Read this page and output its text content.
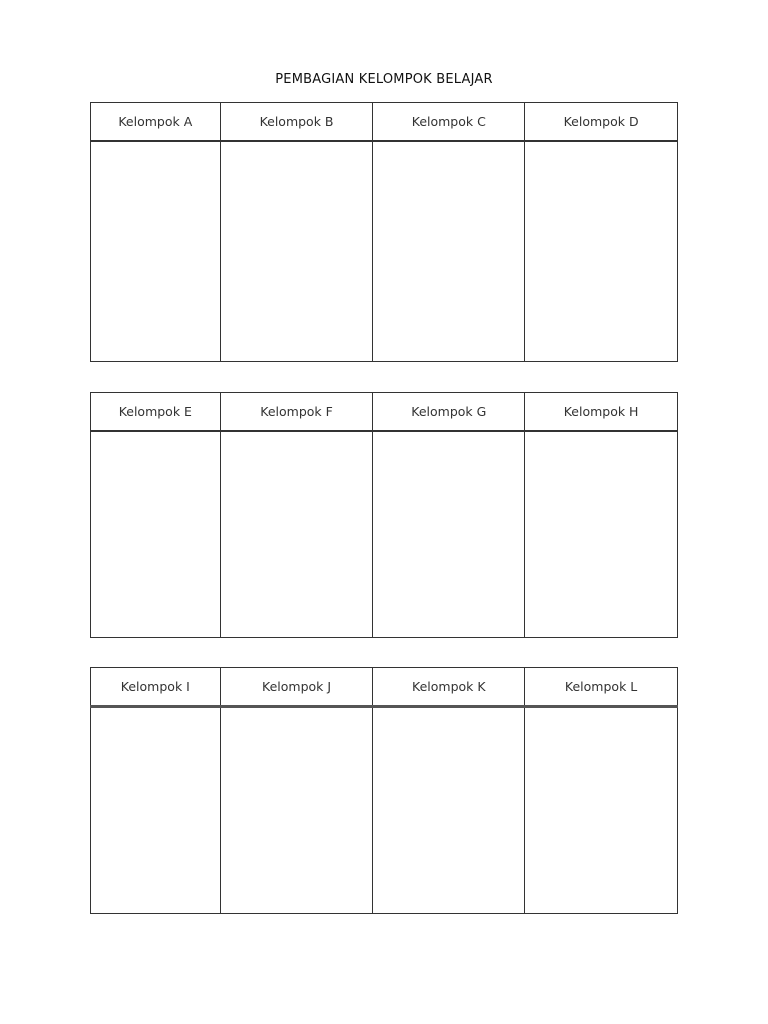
PEMBAGIAN KELOMPOK BELAJAR
Kelompok A	Kelompok B	Kelompok C	Kelompok D

Kelompok E	Kelompok F	Kelompok G	Kelompok H

Kelompok I	Kelompok J	Kelompok K	Kelompok L
